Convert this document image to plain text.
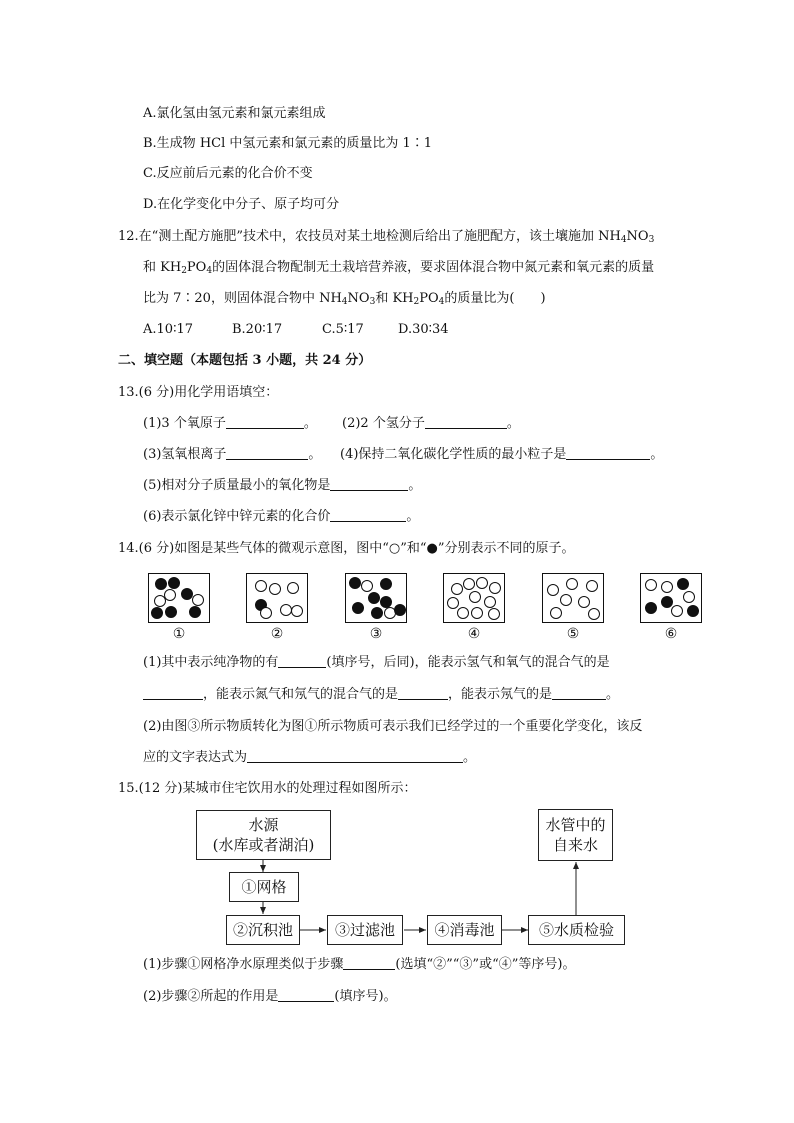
A.氯化氢由氢元素和氯元素组成
B.生成物 HCl 中氢元素和氯元素的质量比为 1∶1
C.反应前后元素的化合价不变
D.在化学变化中分子、原子均可分
12.在“测土配方施肥”技术中，农技员对某土地检测后给出了施肥配方，该土壤施加 $NH_4NO_3$
和 $KH_2PO_4$的固体混合物配制无土栽培营养液，要求固体混合物中氮元素和氧元素的质量
比为 7∶20，则固体混合物中 $NH_4NO_3$和 $KH_2PO_4$的质量比为(　　)
A.10∶17	B.20∶17	C.5∶17	D.30∶34
二、填空题（本题包括 3 小题，共 24 分）
13.(6 分)用化学用语填空：
(1)3 个氧原子	。 (2)2 个氢分子	。
(3)氢氧根离子	。 (4)保持二氧化碳化学性质的最小粒子是	。
(5)相对分子质量最小的氧化物是	。
(6)表示氯化锌中锌元素的化合价	。
14.(6 分)如图是某些气体的微观示意图，图中“○”和“●”分别表示不同的原子。
①	②	③	④	⑤	⑥
(1)其中表示纯净物的有	(填序号，后同)，能表示氢气和氧气的混合气的是
，能表示氮气和氖气的混合气的是	，能表示氖气的是	。
(2)由图③所示物质转化为图①所示物质可表示我们已经学过的一个重要化学变化，该反
应的文字表达式为	。
15.(12 分)某城市住宅饮用水的处理过程如图所示：
水源
(水库或者湖泊)
①网格
②沉积池	③过滤池	④消毒池	⑤水质检验
水管中的
自来水
(1)步骤①网格净水原理类似于步骤	(选填“②”“③”或“④”等序号)。
(2)步骤②所起的作用是	(填序号)。
